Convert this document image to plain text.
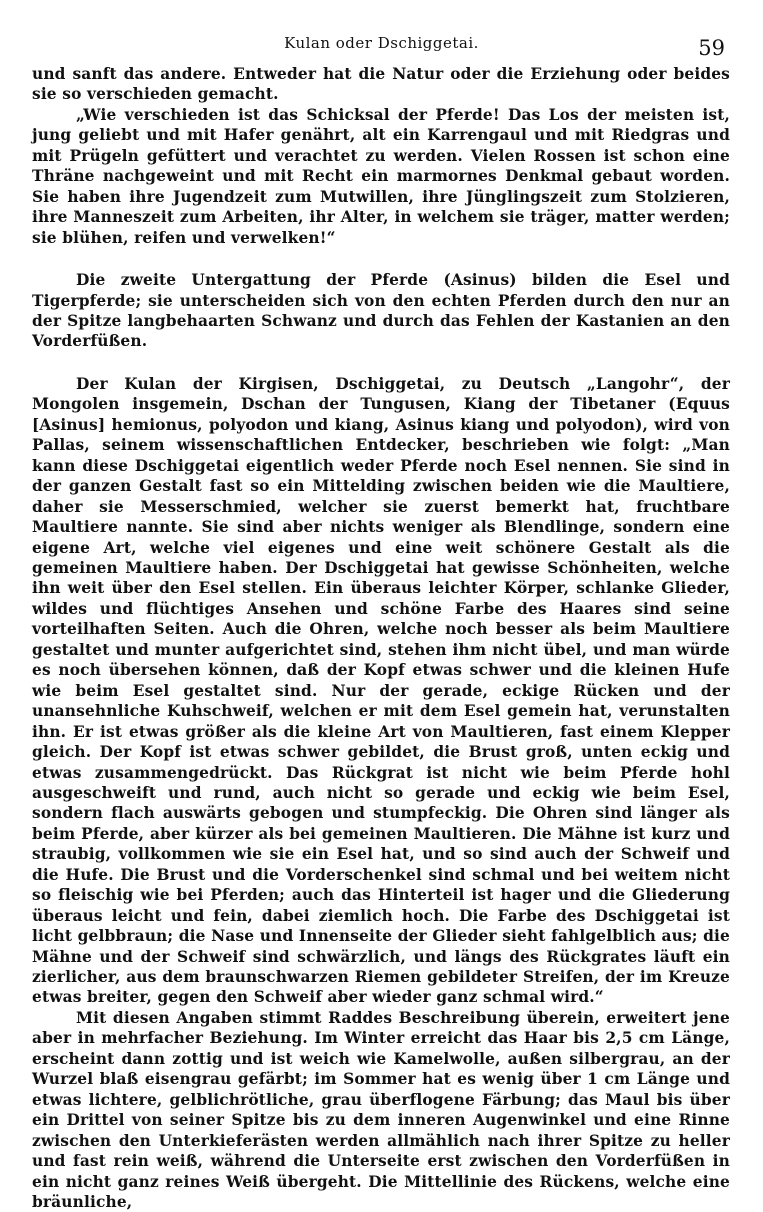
Kulan oder Dschiggetai.	59

und sanft das andere. Entweder hat die Natur oder die Erziehung oder beides sie so verschieden gemacht.

„Wie verschieden ist das Schicksal der Pferde! Das Los der meisten ist, jung geliebt und mit Hafer genährt, alt ein Karrengaul und mit Riedgras und mit Prügeln gefüttert und verachtet zu werden. Vielen Rossen ist schon eine Thräne nachgeweint und mit Recht ein marmornes Denkmal gebaut worden. Sie haben ihre Jugendzeit zum Mutwillen, ihre Jünglingszeit zum Stolzieren, ihre Manneszeit zum Arbeiten, ihr Alter, in welchem sie träger, matter werden; sie blühen, reifen und verwelken!“

Die zweite Untergattung der Pferde (Asinus) bilden die Esel und Tigerpferde; sie unterscheiden sich von den echten Pferden durch den nur an der Spitze langbehaarten Schwanz und durch das Fehlen der Kastanien an den Vorderfüßen.

Der Kulan der Kirgisen, Dschiggetai, zu Deutsch „Langohr“, der Mongolen insgemein, Dschan der Tungusen, Kiang der Tibetaner (Equus [Asinus] hemionus, polyodon und kiang, Asinus kiang und polyodon), wird von Pallas, seinem wissenschaftlichen Entdecker, beschrieben wie folgt: „Man kann diese Dschiggetai eigentlich weder Pferde noch Esel nennen. Sie sind in der ganzen Gestalt fast so ein Mittelding zwischen beiden wie die Maultiere, daher sie Messerschmied, welcher sie zuerst bemerkt hat, fruchtbare Maultiere nannte. Sie sind aber nichts weniger als Blendlinge, sondern eine eigene Art, welche viel eigenes und eine weit schönere Gestalt als die gemeinen Maultiere haben. Der Dschiggetai hat gewisse Schönheiten, welche ihn weit über den Esel stellen. Ein überaus leichter Körper, schlanke Glieder, wildes und flüchtiges Ansehen und schöne Farbe des Haares sind seine vorteilhaften Seiten. Auch die Ohren, welche noch besser als beim Maultiere gestaltet und munter aufgerichtet sind, stehen ihm nicht übel, und man würde es noch übersehen können, daß der Kopf etwas schwer und die kleinen Hufe wie beim Esel gestaltet sind. Nur der gerade, eckige Rücken und der unansehnliche Kuhschweif, welchen er mit dem Esel gemein hat, verunstalten ihn. Er ist etwas größer als die kleine Art von Maultieren, fast einem Klepper gleich. Der Kopf ist etwas schwer gebildet, die Brust groß, unten eckig und etwas zusammengedrückt. Das Rückgrat ist nicht wie beim Pferde hohl ausgeschweift und rund, auch nicht so gerade und eckig wie beim Esel, sondern flach auswärts gebogen und stumpfeckig. Die Ohren sind länger als beim Pferde, aber kürzer als bei gemeinen Maultieren. Die Mähne ist kurz und straubig, vollkommen wie sie ein Esel hat, und so sind auch der Schweif und die Hufe. Die Brust und die Vorderschenkel sind schmal und bei weitem nicht so fleischig wie bei Pferden; auch das Hinterteil ist hager und die Gliederung überaus leicht und fein, dabei ziemlich hoch. Die Farbe des Dschiggetai ist licht gelbbraun; die Nase und Innenseite der Glieder sieht fahlgelblich aus; die Mähne und der Schweif sind schwärzlich, und längs des Rückgrates läuft ein zierlicher, aus dem braunschwarzen Riemen gebildeter Streifen, der im Kreuze etwas breiter, gegen den Schweif aber wieder ganz schmal wird.“

Mit diesen Angaben stimmt Raddes Beschreibung überein, erweitert jene aber in mehrfacher Beziehung. Im Winter erreicht das Haar bis 2,5 cm Länge, erscheint dann zottig und ist weich wie Kamelwolle, außen silbergrau, an der Wurzel blaß eisengrau gefärbt; im Sommer hat es wenig über 1 cm Länge und etwas lichtere, gelblichrötliche, grau überflogene Färbung; das Maul bis über ein Drittel von seiner Spitze bis zu dem inneren Augenwinkel und eine Rinne zwischen den Unterkieferästen werden allmählich nach ihrer Spitze zu heller und fast rein weiß, während die Unterseite erst zwischen den Vorderfüßen in ein nicht ganz reines Weiß übergeht. Die Mittellinie des Rückens, welche eine bräunliche,
